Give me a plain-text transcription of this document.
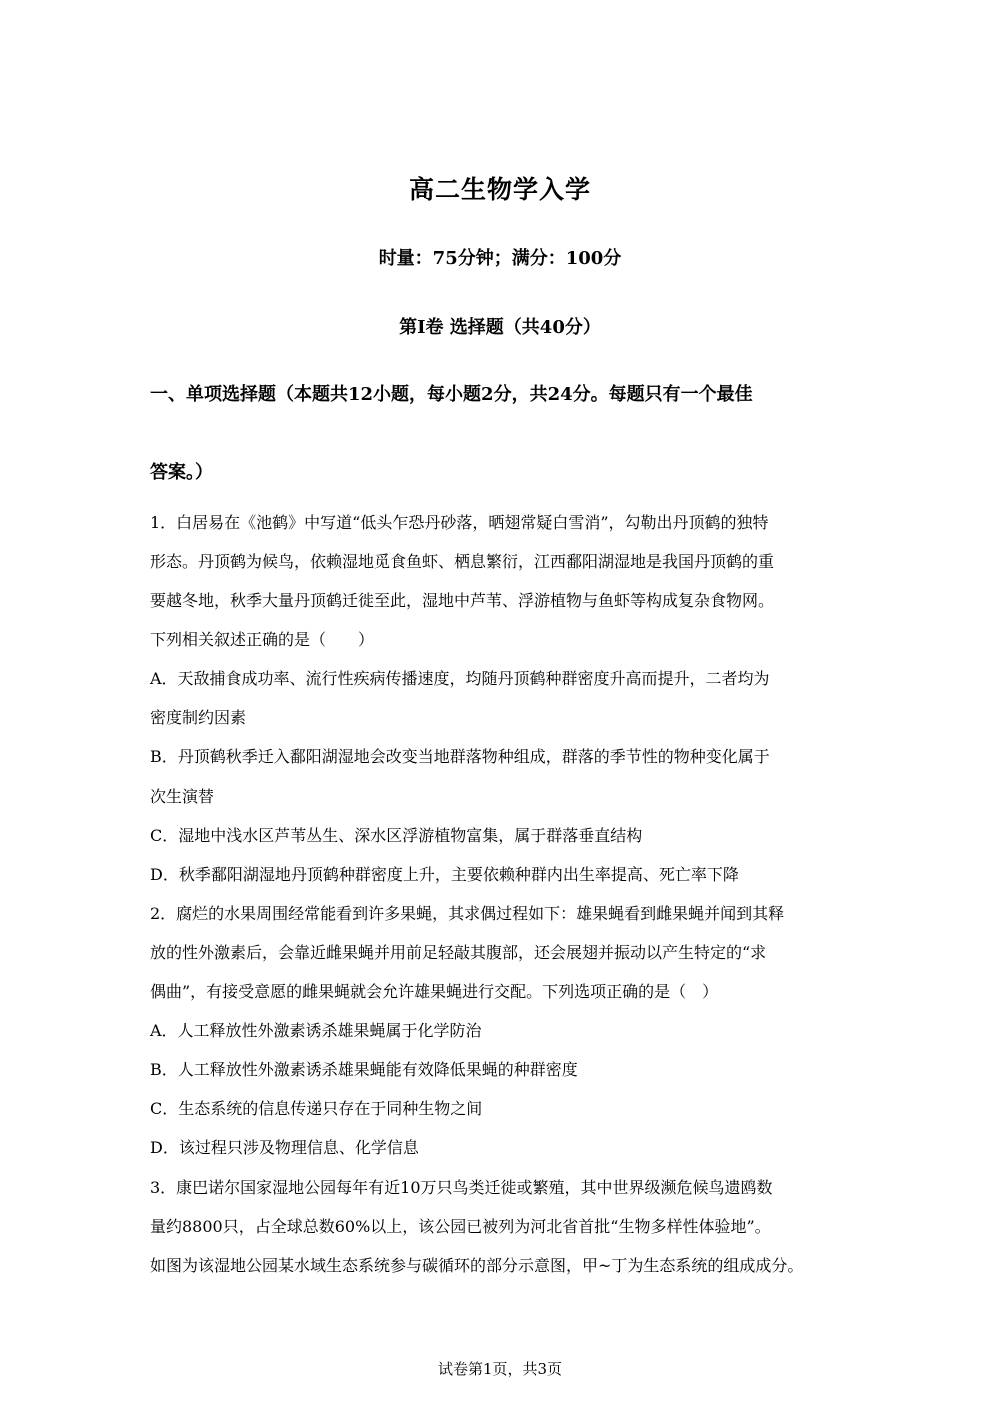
高二生物学入学
时量：75分钟；满分：100分
第Ⅰ卷 选择题（共40分）
一、单项选择题（本题共12小题，每小题2分，共24分。每题只有一个最佳
答案。）
1．白居易在《池鹤》中写道“低头乍恐丹砂落，晒翅常疑白雪消”，勾勒出丹顶鹤的独特
形态。丹顶鹤为候鸟，依赖湿地觅食鱼虾、栖息繁衍，江西鄱阳湖湿地是我国丹顶鹤的重
要越冬地，秋季大量丹顶鹤迁徙至此，湿地中芦苇、浮游植物与鱼虾等构成复杂食物网。
下列相关叙述正确的是（　　）
A．天敌捕食成功率、流行性疾病传播速度，均随丹顶鹤种群密度升高而提升，二者均为
密度制约因素
B．丹顶鹤秋季迁入鄱阳湖湿地会改变当地群落物种组成，群落的季节性的物种变化属于
次生演替
C．湿地中浅水区芦苇丛生、深水区浮游植物富集，属于群落垂直结构
D．秋季鄱阳湖湿地丹顶鹤种群密度上升，主要依赖种群内出生率提高、死亡率下降
2．腐烂的水果周围经常能看到许多果蝇，其求偶过程如下：雄果蝇看到雌果蝇并闻到其释
放的性外激素后，会靠近雌果蝇并用前足轻敲其腹部，还会展翅并振动以产生特定的“求
偶曲”，有接受意愿的雌果蝇就会允许雄果蝇进行交配。下列选项正确的是（　）
A．人工释放性外激素诱杀雄果蝇属于化学防治
B．人工释放性外激素诱杀雄果蝇能有效降低果蝇的种群密度
C．生态系统的信息传递只存在于同种生物之间
D．该过程只涉及物理信息、化学信息
3．康巴诺尔国家湿地公园每年有近10万只鸟类迁徙或繁殖，其中世界级濒危候鸟遗鸥数
量约8800只，占全球总数60%以上，该公园已被列为河北省首批“生物多样性体验地”。
如图为该湿地公园某水域生态系统参与碳循环的部分示意图，甲~丁为生态系统的组成成分。
试卷第1页，共3页
